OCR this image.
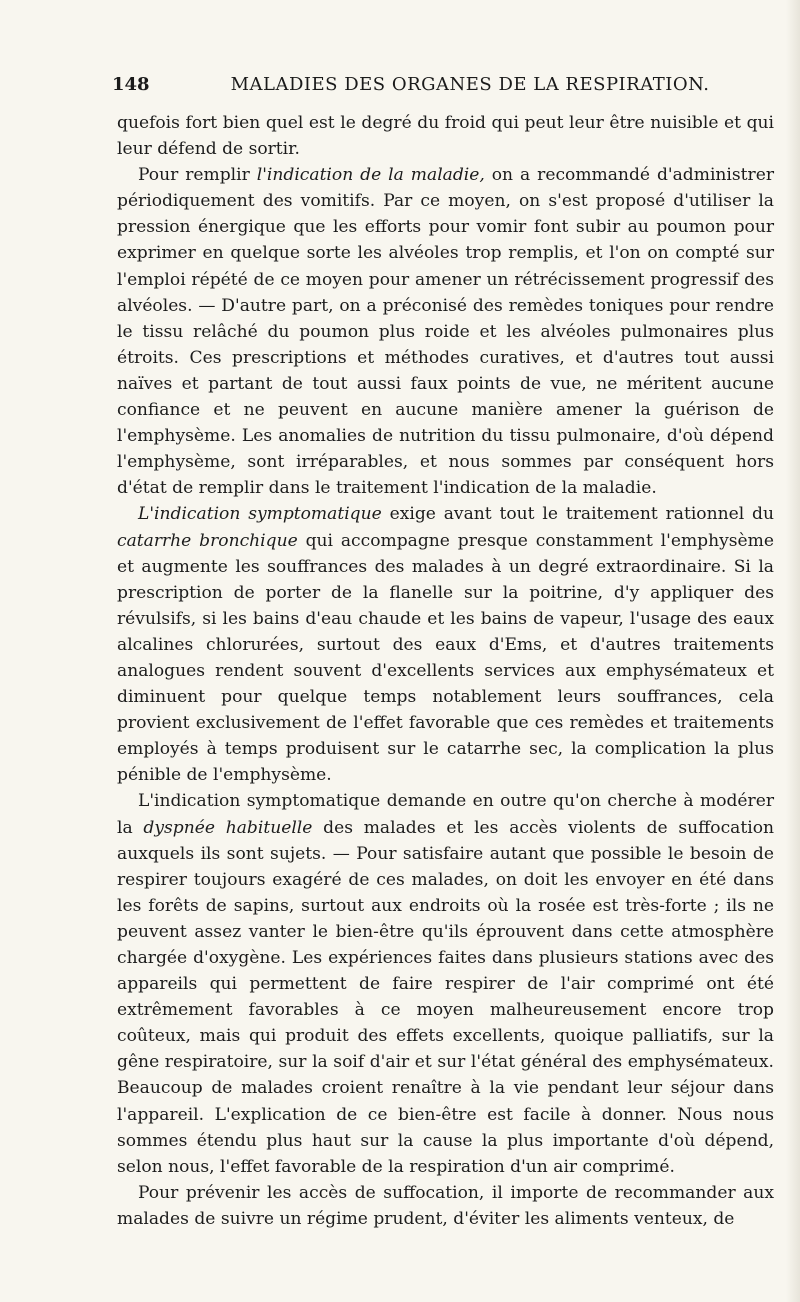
148	MALADIES DES ORGANES DE LA RESPIRATION.

quefois fort bien quel est le degré du froid qui peut leur être nuisible et qui leur défend de sortir.

Pour remplir l'indication de la maladie, on a recommandé d'administrer périodiquement des vomitifs. Par ce moyen, on s'est proposé d'utiliser la pression énergique que les efforts pour vomir font subir au poumon pour exprimer en quelque sorte les alvéoles trop remplis, et l'on on compté sur l'emploi répété de ce moyen pour amener un rétrécissement progressif des alvéoles. — D'autre part, on a préconisé des remèdes toniques pour rendre le tissu relâché du poumon plus roide et les alvéoles pulmonaires plus étroits. Ces prescriptions et méthodes curatives, et d'autres tout aussi naïves et partant de tout aussi faux points de vue, ne méritent aucune confiance et ne peuvent en aucune manière amener la guérison de l'emphysème. Les anomalies de nutrition du tissu pulmonaire, d'où dépend l'emphysème, sont irréparables, et nous sommes par conséquent hors d'état de remplir dans le traitement l'indication de la maladie.

L'indication symptomatique exige avant tout le traitement rationnel du catarrhe bronchique qui accompagne presque constamment l'emphysème et augmente les souffrances des malades à un degré extraordinaire. Si la prescription de porter de la flanelle sur la poitrine, d'y appliquer des révulsifs, si les bains d'eau chaude et les bains de vapeur, l'usage des eaux alcalines chlorurées, surtout des eaux d'Ems, et d'autres traitements analogues rendent souvent d'excellents services aux emphysémateux et diminuent pour quelque temps notablement leurs souffrances, cela provient exclusivement de l'effet favorable que ces remèdes et traitements employés à temps produisent sur le catarrhe sec, la complication la plus pénible de l'emphysème.

L'indication symptomatique demande en outre qu'on cherche à modérer la dyspnée habituelle des malades et les accès violents de suffocation auxquels ils sont sujets. — Pour satisfaire autant que possible le besoin de respirer toujours exagéré de ces malades, on doit les envoyer en été dans les forêts de sapins, surtout aux endroits où la rosée est très-forte ; ils ne peuvent assez vanter le bien-être qu'ils éprouvent dans cette atmosphère chargée d'oxygène. Les expériences faites dans plusieurs stations avec des appareils qui permettent de faire respirer de l'air comprimé ont été extrêmement favorables à ce moyen malheureusement encore trop coûteux, mais qui produit des effets excellents, quoique palliatifs, sur la gêne respiratoire, sur la soif d'air et sur l'état général des emphysémateux. Beaucoup de malades croient renaître à la vie pendant leur séjour dans l'appareil. L'explication de ce bien-être est facile à donner. Nous nous sommes étendu plus haut sur la cause la plus importante d'où dépend, selon nous, l'effet favorable de la respiration d'un air comprimé.

Pour prévenir les accès de suffocation, il importe de recommander aux malades de suivre un régime prudent, d'éviter les aliments venteux, de
